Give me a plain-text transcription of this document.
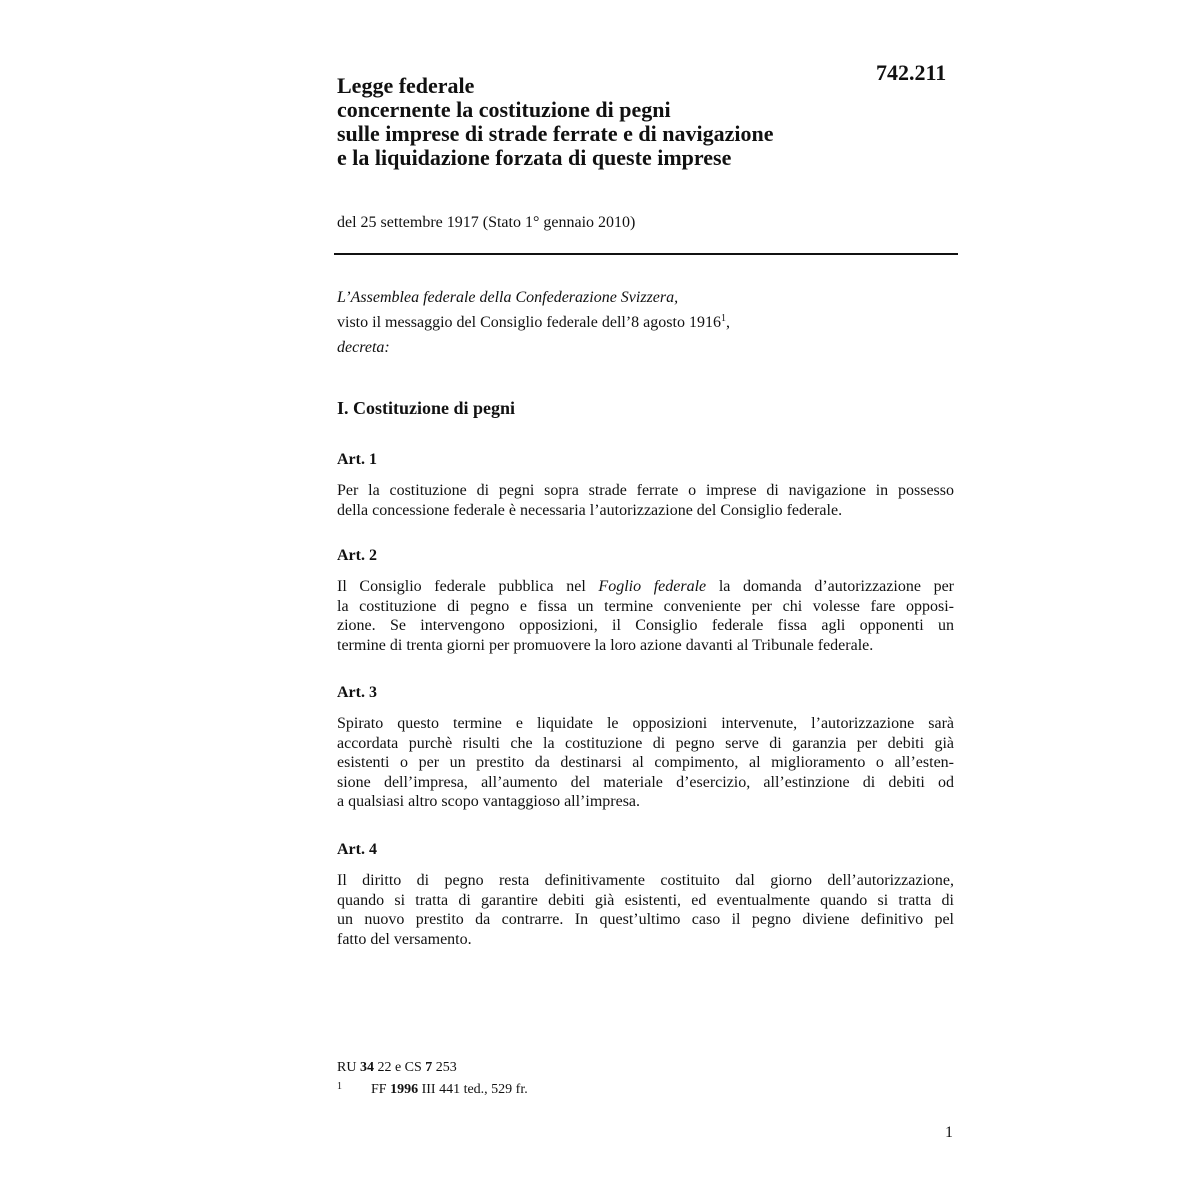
742.211
Legge federale
concernente la costituzione di pegni
sulle imprese di strade ferrate e di navigazione
e la liquidazione forzata di queste imprese
del 25 settembre 1917 (Stato 1° gennaio 2010)
L’Assemblea federale della Confederazione Svizzera,
visto il messaggio del Consiglio federale dell’8 agosto 1916$^1$,
decreta:
I. Costituzione di pegni
Art. 1
Per la costituzione di pegni sopra strade ferrate o imprese di navigazione in possesso
della concessione federale è necessaria l’autorizzazione del Consiglio federale.
Art. 2
Il Consiglio federale pubblica nel Foglio federale la domanda d’autorizzazione per
la costituzione di pegno e fissa un termine conveniente per chi volesse fare opposi-
zione. Se intervengono opposizioni, il Consiglio federale fissa agli opponenti un
termine di trenta giorni per promuovere la loro azione davanti al Tribunale federale.
Art. 3
Spirato questo termine e liquidate le opposizioni intervenute, l’autorizzazione sarà
accordata purchè risulti che la costituzione di pegno serve di garanzia per debiti già
esistenti o per un prestito da destinarsi al compimento, al miglioramento o all’esten-
sione dell’impresa, all’aumento del materiale d’esercizio, all’estinzione di debiti od
a qualsiasi altro scopo vantaggioso all’impresa.
Art. 4
Il diritto di pegno resta definitivamente costituito dal giorno dell’autorizzazione,
quando si tratta di garantire debiti già esistenti, ed eventualmente quando si tratta di
un nuovo prestito da contrarre. In quest’ultimo caso il pegno diviene definitivo pel
fatto del versamento.
RU 34 22 e CS 7 253
1 FF 1996 III 441 ted., 529 fr.
1
